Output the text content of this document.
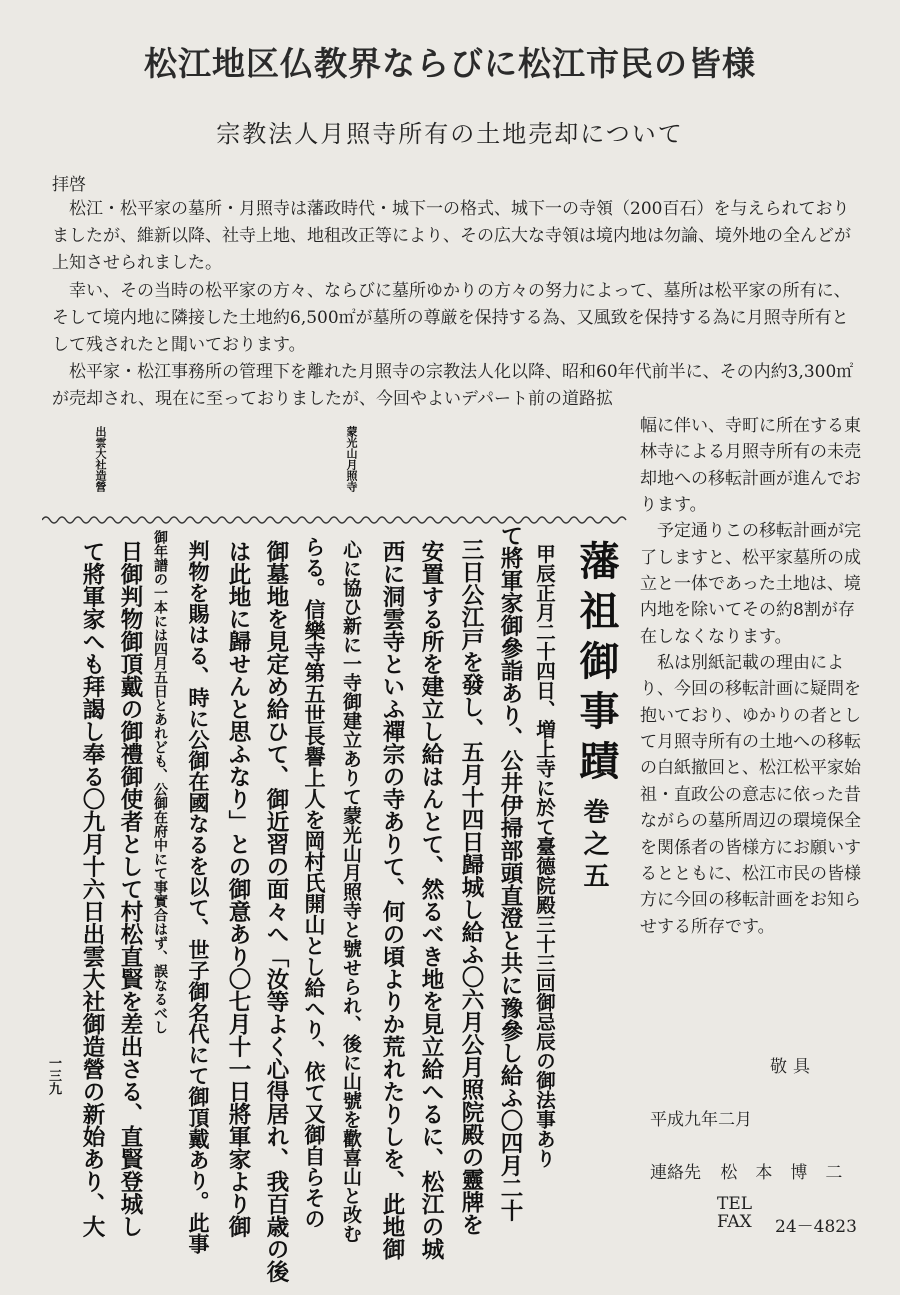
松江地区仏教界ならびに松江市民の皆様
宗教法人月照寺所有の土地売却について
拝啓

松江・松平家の墓所・月照寺は藩政時代・城下一の格式、城下一の寺領（200百石）を与えられておりましたが、維新以降、社寺上地、地租改正等により、その広大な寺領は境内地は勿論、境外地の全んどが上知させられました。

幸い、その当時の松平家の方々、ならびに墓所ゆかりの方々の努力によって、墓所は松平家の所有に、そして境内地に隣接した土地約6,500㎡が墓所の尊厳を保持する為、又風致を保持する為に月照寺所有として残されたと聞いております。

松平家・松江事務所の管理下を離れた月照寺の宗教法人化以降、昭和60年代前半に、その内約3,300㎡が売却され、現在に至っておりましたが、今回やよいデパート前の道路拡

幅に伴い、寺町に所在する東林寺による月照寺所有の未売却地への移転計画が進んでおります。

予定通りこの移転計画が完了しますと、松平家墓所の成立と一体であった土地は、境内地を除いてその約8割が存在しなくなります。

私は別紙記載の理由により、今回の移転計画に疑問を抱いており、ゆかりの者として月照寺所有の土地への移転の白紙撤回と、松江松平家始祖・直政公の意志に依った昔ながらの墓所周辺の環境保全を関係者の皆様方にお願いするとともに、松江市民の皆様方に今回の移転計画をお知らせする所存です。

敬具
平成九年二月
連絡先 松本博二
TEL
FAX 24－4823
出雲大社造營	蒙光山月照寺
藩祖御事蹟
巻之五
甲辰正月二十四日、増上寺に於て臺德院殿三十三回御忌辰の御法事あり
て將軍家御參詣あり、公井伊掃部頭直澄と共に豫參し給ふ〇四月二十
三日公江戸を發し、五月十四日歸城し給ふ〇六月公月照院殿の靈牌を
安置する所を建立し給はんとて、然るべき地を見立給へるに、松江の城
西に洞雲寺といふ禪宗の寺ありて、何の頃よりか荒れたりしを、此地御
心に協ひ新に一寺御建立ありて蒙光山月照寺と號せられ、後に山號を歡喜山と改む
らる。信樂寺第五世長譽上人を岡村氏開山とし給へり、依て又御自らその
御墓地を見定め給ひて、御近習の面々へ「汝等よく心得居れ、我百歳の後
は此地に歸せんと思ふなり」との御意あり〇七月十一日將軍家より御
判物を賜はる、時に公御在國なるを以て、世子御名代にて御頂戴あり。此事
御年譜の一本には四月五日とあれども、公御在府中にて事實合はず、誤なるべし
日御判物御頂戴の御禮御使者として村松直賢を差出さる、直賢登城し
て將軍家へも拜謁し奉る〇九月十六日出雲大社御造營の新始あり、大
一三九
